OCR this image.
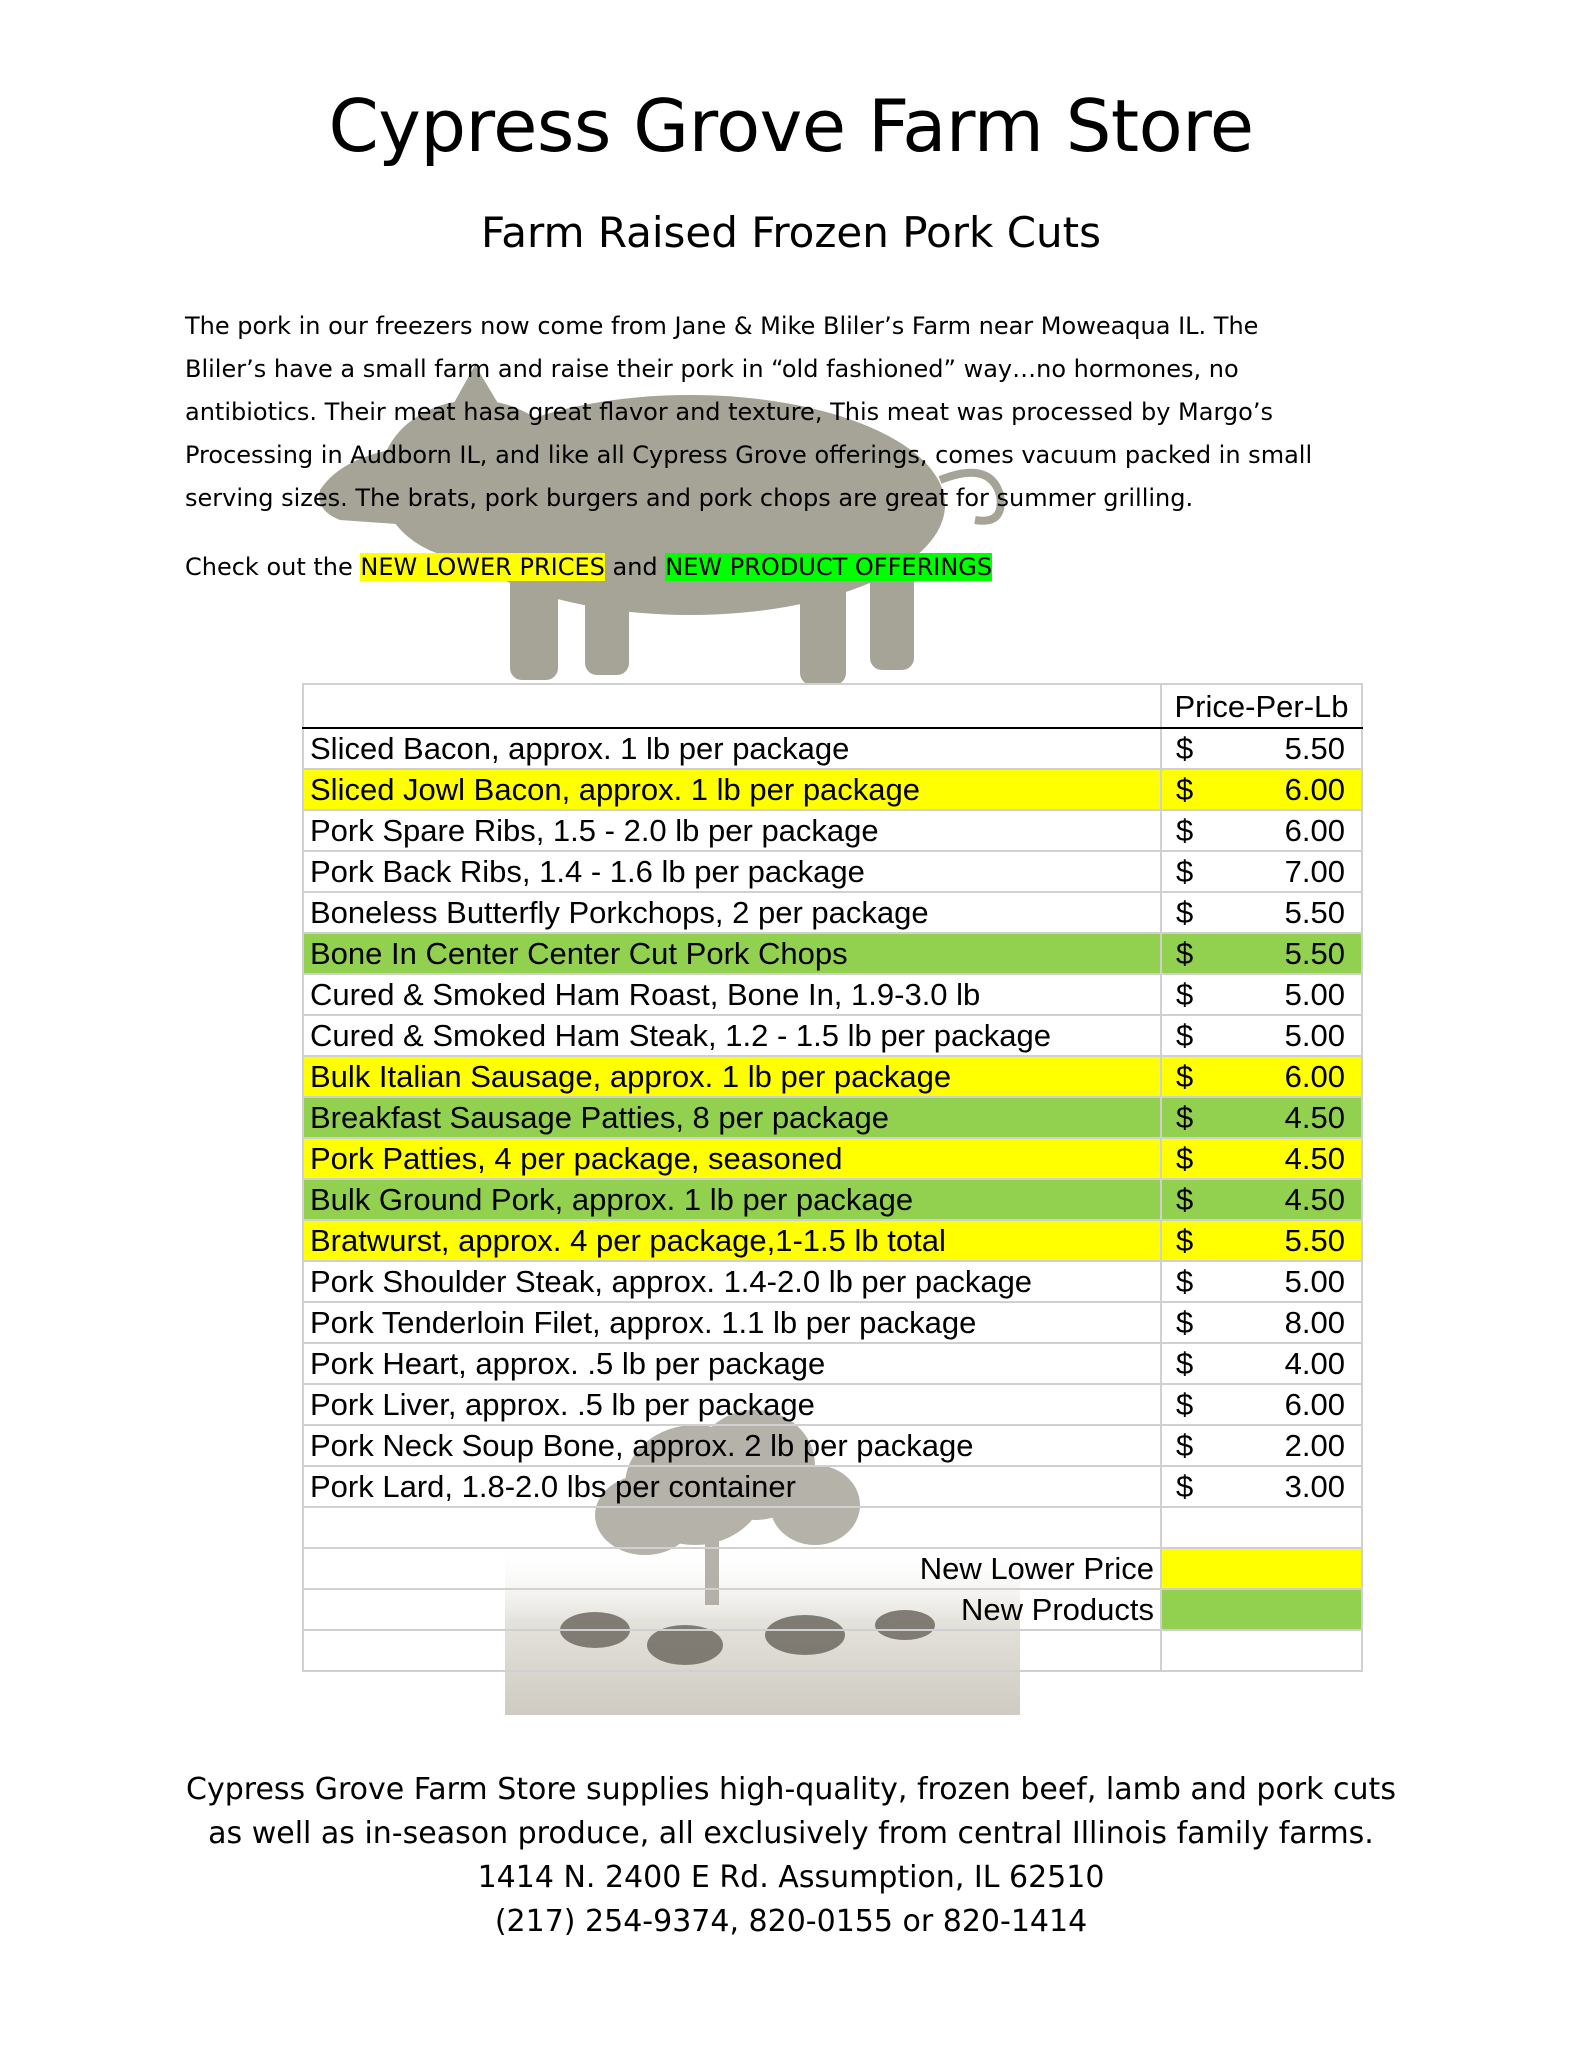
Cypress Grove Farm Store
Farm Raised Frozen Pork Cuts
The pork in our freezers now come from Jane & Mike Bliler’s Farm near Moweaqua IL. The
Bliler’s have a small farm and raise their pork in “old fashioned” way…no hormones, no
antibiotics. Their meat hasa great flavor and texture, This meat was processed by Margo’s
Processing in Audborn IL, and like all Cypress Grove offerings, comes vacuum packed in small
serving sizes. The brats, pork burgers and pork chops are great for summer grilling.
Check out the NEW LOWER PRICES and NEW PRODUCT OFFERINGS
	Price-Per-Lb
Sliced Bacon, approx. 1 lb per package	$ 5.50

Sliced Jowl Bacon, approx. 1 lb per package	$ 6.00

Pork Spare Ribs, 1.5 - 2.0 lb per package	$ 6.00

Pork Back Ribs, 1.4 - 1.6 lb per package	$ 7.00

Boneless Butterfly Porkchops, 2 per package	$ 5.50

Bone In Center Center Cut Pork Chops	$ 5.50

Cured & Smoked Ham Roast, Bone In, 1.9-3.0 lb	$ 5.00

Cured & Smoked Ham Steak, 1.2 - 1.5 lb per package	$ 5.00

Bulk Italian Sausage, approx. 1 lb per package	$ 6.00

Breakfast Sausage Patties, 8 per package	$ 4.50

Pork Patties, 4 per package, seasoned	$ 4.50

Bulk Ground Pork, approx. 1 lb per package	$ 4.50

Bratwurst, approx. 4 per package,1-1.5 lb total	$ 5.50

Pork Shoulder Steak, approx. 1.4-2.0 lb per package	$ 5.00

Pork Tenderloin Filet, approx. 1.1 lb per package	$ 8.00

Pork Heart, approx. .5 lb per package	$ 4.00

Pork Liver, approx. .5 lb per package	$ 6.00

Pork Neck Soup Bone, approx. 2 lb per package	$ 2.00

Pork Lard, 1.8-2.0 lbs per container	$ 3.00

New Lower Price	
New Products	

Cypress Grove Farm Store supplies high-quality, frozen beef, lamb and pork cuts
as well as in-season produce, all exclusively from central Illinois family farms.
1414 N. 2400 E Rd. Assumption, IL 62510
(217) 254-9374, 820-0155 or 820-1414
